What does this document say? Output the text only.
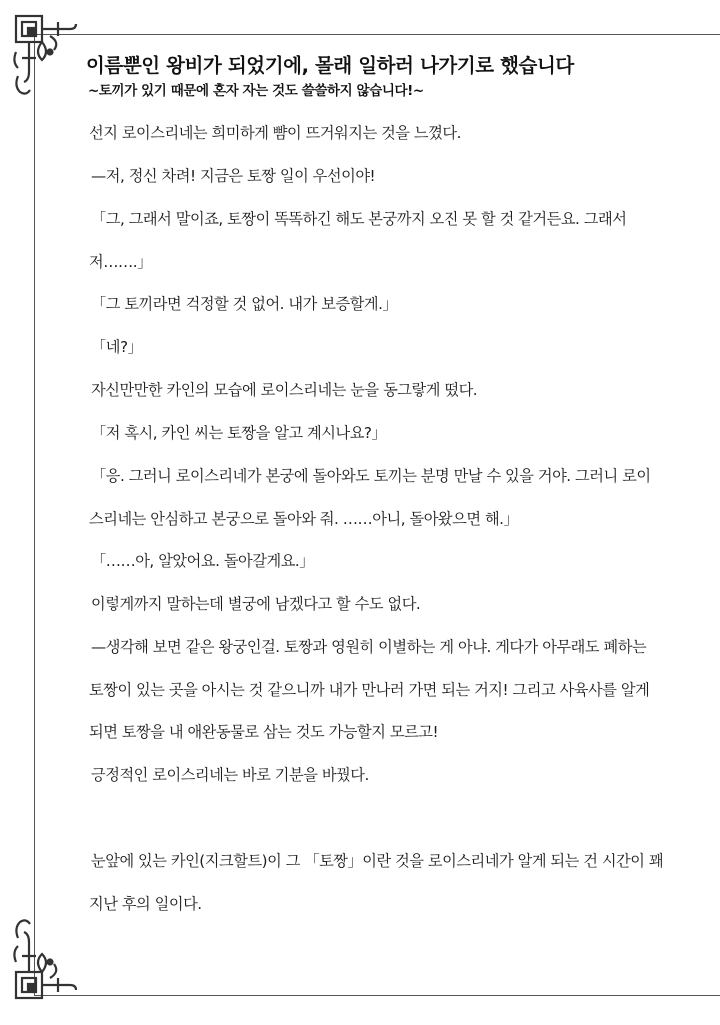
이름뿐인 왕비가 되었기에, 몰래 일하러 나가기로 했습니다
~토끼가 있기 때문에 혼자 자는 것도 쓸쓸하지 않습니다!~
선지 로이스리네는 희미하게 뺨이 뜨거워지는 것을 느꼈다.
—저, 정신 차려! 지금은 토짱 일이 우선이야!
「그, 그래서 말이죠, 토짱이 똑똑하긴 해도 본궁까지 오진 못 할 것 같거든요. 그래서
저…….」
「그 토끼라면 걱정할 것 없어. 내가 보증할게.」
「네?」
자신만만한 카인의 모습에 로이스리네는 눈을 동그랗게 떴다.
「저 혹시, 카인 씨는 토짱을 알고 계시나요?」
「응. 그러니 로이스리네가 본궁에 돌아와도 토끼는 분명 만날 수 있을 거야. 그러니 로이
스리네는 안심하고 본궁으로 돌아와 줘. ……아니, 돌아왔으면 해.」
「……아, 알았어요. 돌아갈게요.」
이렇게까지 말하는데 별궁에 남겠다고 할 수도 없다.
—생각해 보면 같은 왕궁인걸. 토짱과 영원히 이별하는 게 아냐. 게다가 아무래도 폐하는
토짱이 있는 곳을 아시는 것 같으니까 내가 만나러 가면 되는 거지! 그리고 사육사를 알게
되면 토짱을 내 애완동물로 삼는 것도 가능할지 모르고!
긍정적인 로이스리네는 바로 기분을 바꿨다.
눈앞에 있는 카인(지크할트)이 그 「토짱」이란 것을 로이스리네가 알게 되는 건 시간이 꽤
지난 후의 일이다.
